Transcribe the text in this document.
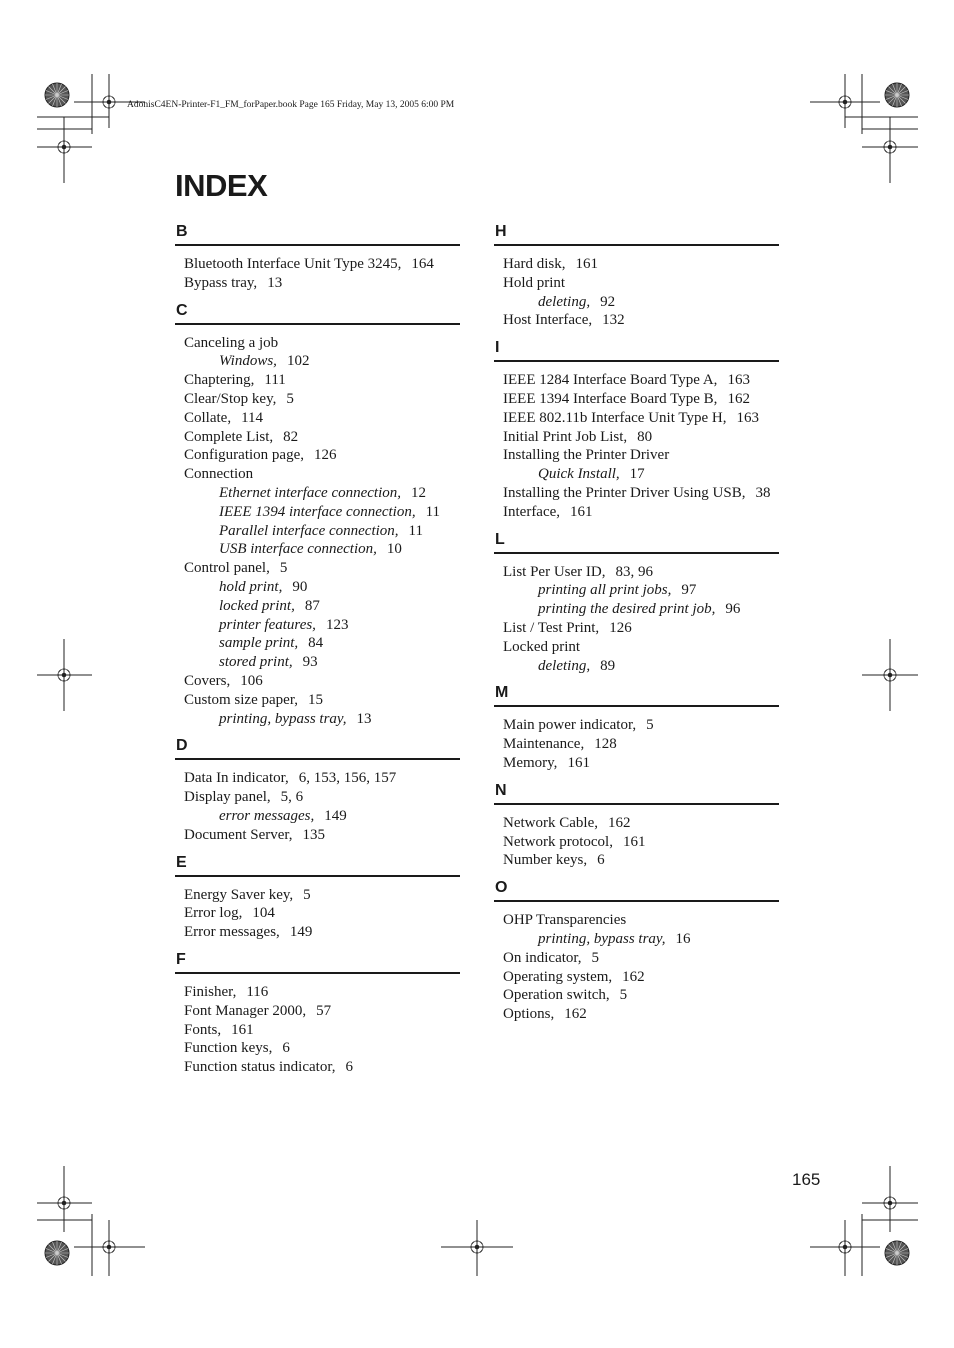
AdonisC4EN-Printer-F1_FM_forPaper.book Page 165 Friday, May 13, 2005 6:00 PM
INDEX
B
Bluetooth Interface Unit Type 3245, 164
Bypass tray, 13
C
Canceling a job
Windows, 102
Chaptering, 111
Clear/Stop key, 5
Collate, 114
Complete List, 82
Configuration page, 126
Connection
Ethernet interface connection, 12
IEEE 1394 interface connection, 11
Parallel interface connection, 11
USB interface connection, 10
Control panel, 5
hold print, 90
locked print, 87
printer features, 123
sample print, 84
stored print, 93
Covers, 106
Custom size paper, 15
printing, bypass tray, 13
D
Data In indicator, 6, 153, 156, 157
Display panel, 5, 6
error messages, 149
Document Server, 135
E
Energy Saver key, 5
Error log, 104
Error messages, 149
F
Finisher, 116
Font Manager 2000, 57
Fonts, 161
Function keys, 6
Function status indicator, 6
H
Hard disk, 161
Hold print
deleting, 92
Host Interface, 132
I
IEEE 1284 Interface Board Type A, 163
IEEE 1394 Interface Board Type B, 162
IEEE 802.11b Interface Unit Type H, 163
Initial Print Job List, 80
Installing the Printer Driver
Quick Install, 17
Installing the Printer Driver Using USB, 38
Interface, 161
L
List Per User ID, 83, 96
printing all print jobs, 97
printing the desired print job, 96
List / Test Print, 126
Locked print
deleting, 89
M
Main power indicator, 5
Maintenance, 128
Memory, 161
N
Network Cable, 162
Network protocol, 161
Number keys, 6
O
OHP Transparencies
printing, bypass tray, 16
On indicator, 5
Operating system, 162
Operation switch, 5
Options, 162
165
